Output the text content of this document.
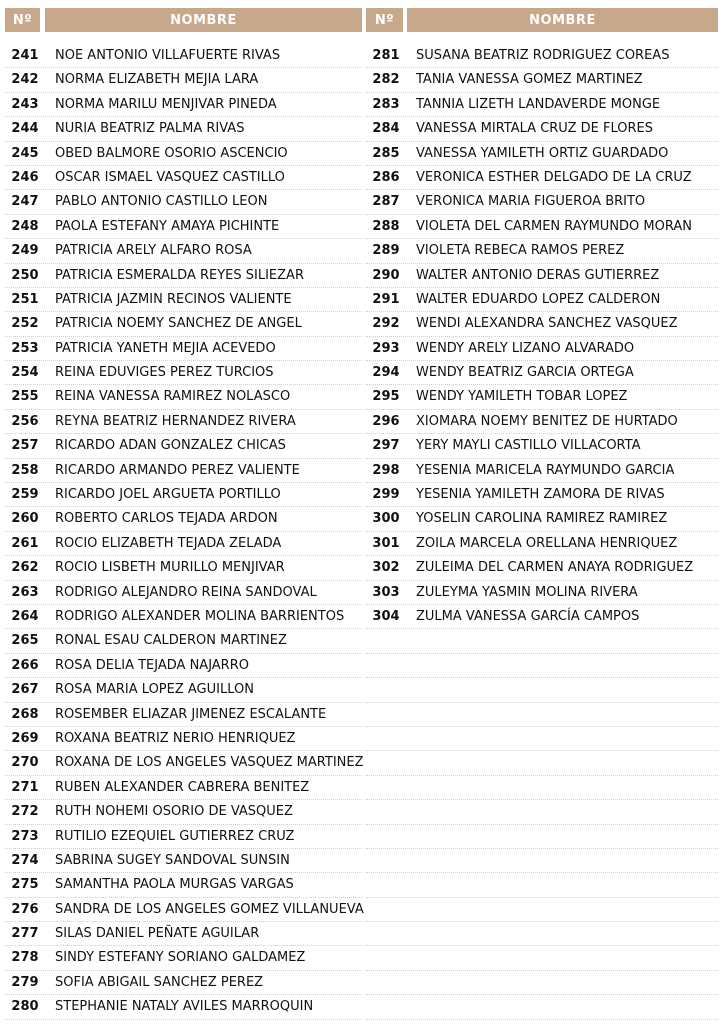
Nº	NOMBRE	Nº	NOMBRE
241	NOE ANTONIO VILLAFUERTE RIVAS
242	NORMA ELIZABETH MEJIA LARA
243	NORMA MARILU MENJIVAR PINEDA
244	NURIA BEATRIZ PALMA RIVAS
245	OBED BALMORE OSORIO ASCENCIO
246	OSCAR ISMAEL VASQUEZ CASTILLO
247	PABLO ANTONIO CASTILLO LEON
248	PAOLA ESTEFANY AMAYA PICHINTE
249	PATRICIA ARELY ALFARO ROSA
250	PATRICIA ESMERALDA REYES SILIEZAR
251	PATRICIA JAZMIN RECINOS VALIENTE
252	PATRICIA NOEMY SANCHEZ DE ANGEL
253	PATRICIA YANETH MEJIA ACEVEDO
254	REINA EDUVIGES PEREZ TURCIOS
255	REINA VANESSA RAMIREZ NOLASCO
256	REYNA BEATRIZ HERNANDEZ RIVERA
257	RICARDO ADAN GONZALEZ CHICAS
258	RICARDO ARMANDO PEREZ VALIENTE
259	RICARDO JOEL ARGUETA PORTILLO
260	ROBERTO CARLOS TEJADA ARDON
261	ROCIO ELIZABETH TEJADA ZELADA
262	ROCIO LISBETH MURILLO MENJIVAR
263	RODRIGO ALEJANDRO REINA SANDOVAL
264	RODRIGO ALEXANDER MOLINA BARRIENTOS
265	RONAL ESAU CALDERON MARTINEZ
266	ROSA DELIA TEJADA NAJARRO
267	ROSA MARIA LOPEZ AGUILLON
268	ROSEMBER ELIAZAR JIMENEZ ESCALANTE
269	ROXANA BEATRIZ NERIO HENRIQUEZ
270	ROXANA DE LOS ANGELES VASQUEZ MARTINEZ
271	RUBEN ALEXANDER CABRERA BENITEZ
272	RUTH NOHEMI OSORIO DE VASQUEZ
273	RUTILIO EZEQUIEL GUTIERREZ CRUZ
274	SABRINA SUGEY SANDOVAL SUNSIN
275	SAMANTHA PAOLA MURGAS VARGAS
276	SANDRA DE LOS ANGELES GOMEZ VILLANUEVA
277	SILAS DANIEL PEÑATE AGUILAR
278	SINDY ESTEFANY SORIANO GALDAMEZ
279	SOFIA ABIGAIL SANCHEZ PEREZ
280	STEPHANIE NATALY AVILES MARROQUIN
281	SUSANA BEATRIZ RODRIGUEZ COREAS
282	TANIA VANESSA GOMEZ MARTINEZ
283	TANNIA LIZETH LANDAVERDE MONGE
284	VANESSA MIRTALA CRUZ DE FLORES
285	VANESSA YAMILETH ORTIZ GUARDADO
286	VERONICA ESTHER DELGADO DE LA CRUZ
287	VERONICA MARIA FIGUEROA BRITO
288	VIOLETA DEL CARMEN RAYMUNDO MORAN
289	VIOLETA REBECA RAMOS PEREZ
290	WALTER ANTONIO DERAS GUTIERREZ
291	WALTER EDUARDO LOPEZ CALDERON
292	WENDI ALEXANDRA SANCHEZ VASQUEZ
293	WENDY ARELY LIZANO ALVARADO
294	WENDY BEATRIZ GARCIA ORTEGA
295	WENDY YAMILETH TOBAR LOPEZ
296	XIOMARA NOEMY BENITEZ DE HURTADO
297	YERY MAYLI CASTILLO VILLACORTA
298	YESENIA MARICELA RAYMUNDO GARCIA
299	YESENIA YAMILETH ZAMORA DE RIVAS
300	YOSELIN CAROLINA RAMIREZ RAMIREZ
301	ZOILA MARCELA ORELLANA HENRIQUEZ
302	ZULEIMA DEL CARMEN ANAYA RODRIGUEZ
303	ZULEYMA YASMIN MOLINA RIVERA
304	ZULMA VANESSA GARCÍA CAMPOS
